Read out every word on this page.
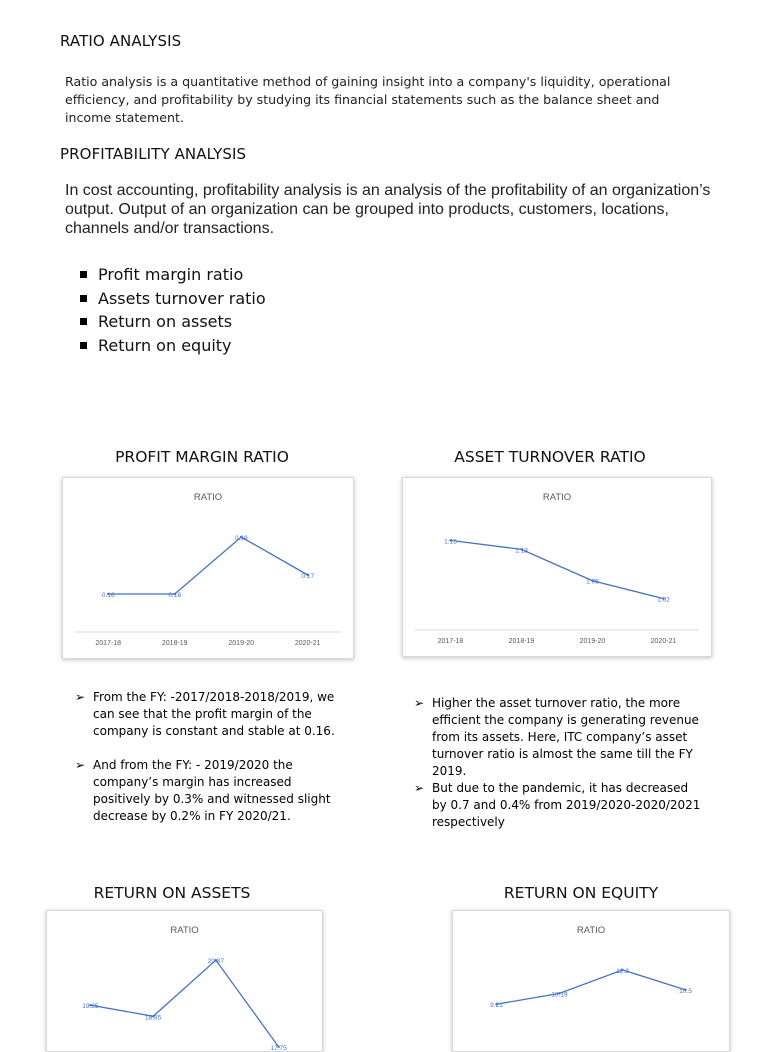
RATIO ANALYSIS
Ratio analysis is a quantitative method of gaining insight into a company's liquidity, operational efficiency, and profitability by studying its financial statements such as the balance sheet and income statement.
PROFITABILITY ANALYSIS
In cost accounting, profitability analysis is an analysis of the profitability of an organization’s output. Output of an organization can be grouped into products, customers, locations, channels and/or transactions.
Profit margin ratio
Assets turnover ratio
Return on assets
Return on equity
PROFIT MARGIN RATIO	ASSET TURNOVER RATIO
RATIO
2017-18	2018-19	2019-20	2020-21
0.16	0.16
0.19
0.17
RATIO
2017-18	2018-19	2019-20	2020-21
1.15
1.13
1.06
1.02
➢ From the FY: -2017/2018-2018/2019, we can see that the profit margin of the company is constant and stable at 0.16.
➢ And from the FY: - 2019/2020 the company’s margin has increased positively by 0.3% and witnessed slight decrease by 0.2% in FY 2020/21.
➢ Higher the asset turnover ratio, the more efficient the company is generating revenue from its assets. Here, ITC company’s asset turnover ratio is almost the same till the FY 2019.
➢ But due to the pandemic, it has decreased by 0.7 and 0.4% from 2019/2020-2020/2021 respectively
RETURN ON ASSETS	RETURN ON EQUITY
RATIO
19.25
18.85
20.87
17.75
RATIO
9.21
10.19
12.3
10.5
